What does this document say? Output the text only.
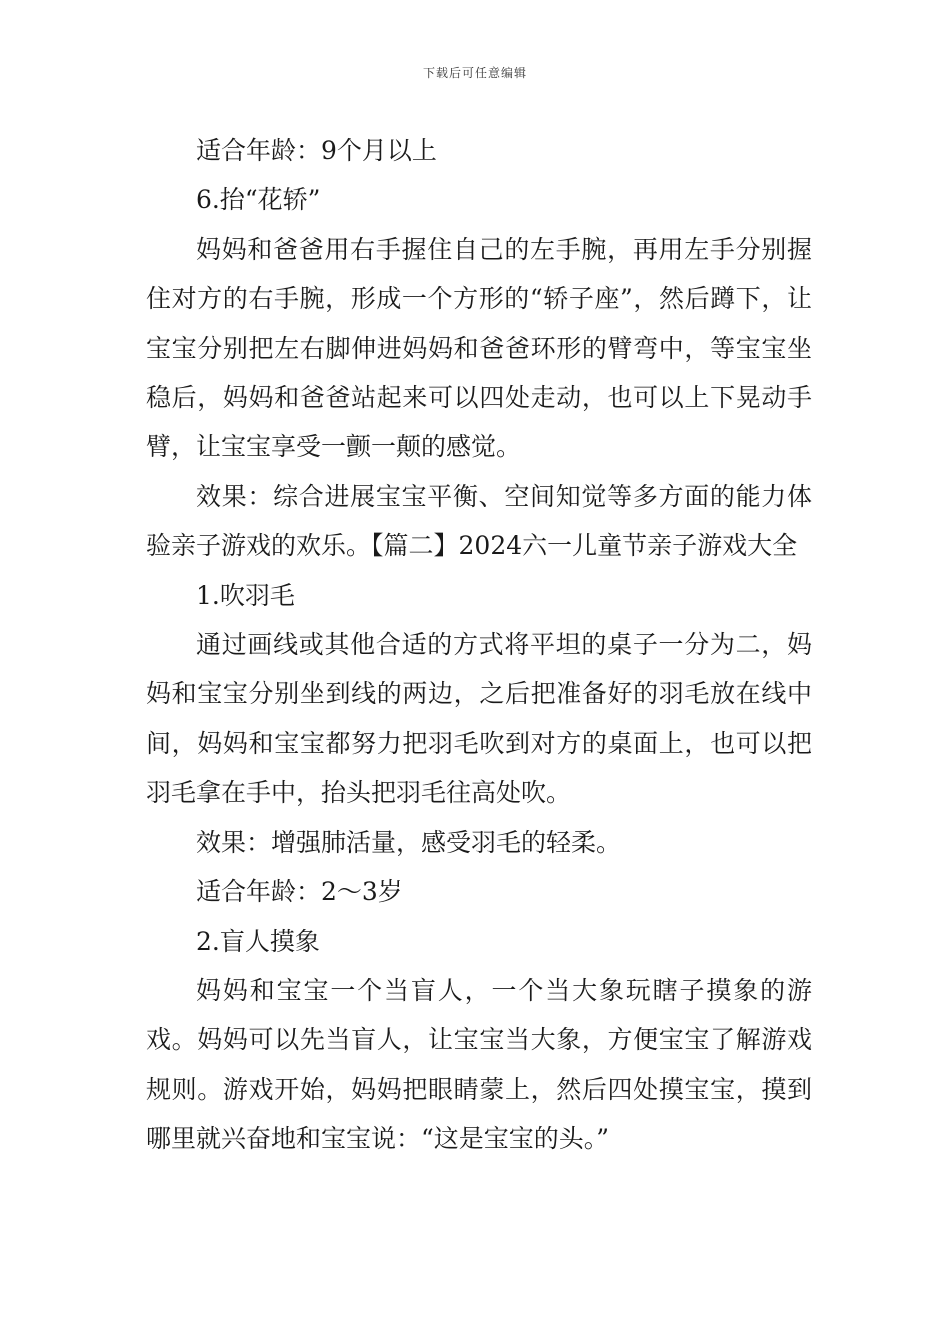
下载后可任意编辑

适合年龄：9个月以上

6.抬“花轿”

妈妈和爸爸用右手握住自己的左手腕，再用左手分别握住对方的右手腕，形成一个方形的“轿子座”，然后蹲下，让宝宝分别把左右脚伸进妈妈和爸爸环形的臂弯中，等宝宝坐稳后，妈妈和爸爸站起来可以四处走动，也可以上下晃动手臂，让宝宝享受一颤一颠的感觉。

效果：综合进展宝宝平衡、空间知觉等多方面的能力体验亲子游戏的欢乐。【篇二】2024六一儿童节亲子游戏大全

1.吹羽毛

通过画线或其他合适的方式将平坦的桌子一分为二，妈妈和宝宝分别坐到线的两边，之后把准备好的羽毛放在线中间，妈妈和宝宝都努力把羽毛吹到对方的桌面上，也可以把羽毛拿在手中，抬头把羽毛往高处吹。

效果：增强肺活量，感受羽毛的轻柔。

适合年龄：2～3岁

2.盲人摸象

妈妈和宝宝一个当盲人，一个当大象玩瞎子摸象的游戏。妈妈可以先当盲人，让宝宝当大象，方便宝宝了解游戏规则。游戏开始，妈妈把眼睛蒙上，然后四处摸宝宝，摸到哪里就兴奋地和宝宝说：“这是宝宝的头。”
